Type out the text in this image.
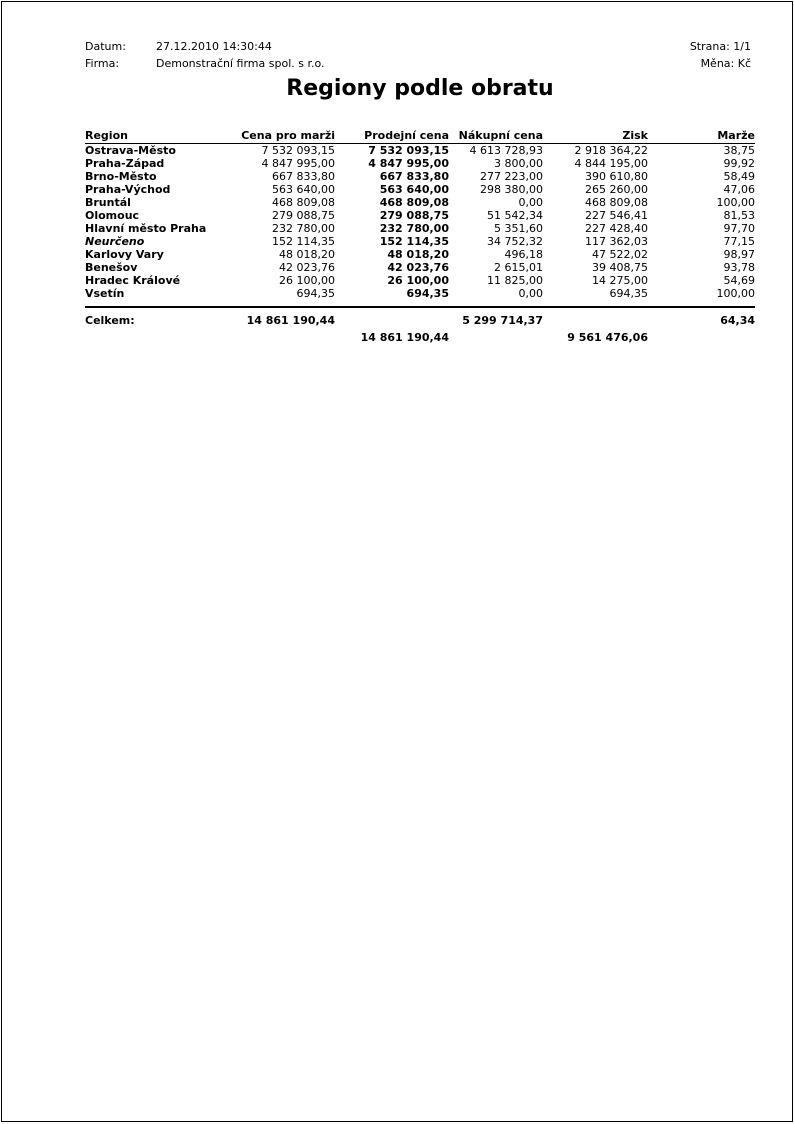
Datum:	27.12.2010 14:30:44
Firma:	Demonstrační firma spol. s r.o.
Strana: 1/1
Měna: Kč
Regiony podle obratu
Region	Cena pro marži	Prodejní cena	Nákupní cena	Zisk	Marže
Ostrava-Město	7 532 093,15	7 532 093,15	4 613 728,93	2 918 364,22	38,75
Praha-Západ	4 847 995,00	4 847 995,00	3 800,00	4 844 195,00	99,92
Brno-Město	667 833,80	667 833,80	277 223,00	390 610,80	58,49
Praha-Východ	563 640,00	563 640,00	298 380,00	265 260,00	47,06
Bruntál	468 809,08	468 809,08	0,00	468 809,08	100,00
Olomouc	279 088,75	279 088,75	51 542,34	227 546,41	81,53
Hlavní město Praha	232 780,00	232 780,00	5 351,60	227 428,40	97,70
Neurčeno	152 114,35	152 114,35	34 752,32	117 362,03	77,15
Karlovy Vary	48 018,20	48 018,20	496,18	47 522,02	98,97
Benešov	42 023,76	42 023,76	2 615,01	39 408,75	93,78
Hradec Králové	26 100,00	26 100,00	11 825,00	14 275,00	54,69
Vsetín	694,35	694,35	0,00	694,35	100,00

Celkem:	14 861 190,44		5 299 714,37		64,34
		14 861 190,44		9 561 476,06	
